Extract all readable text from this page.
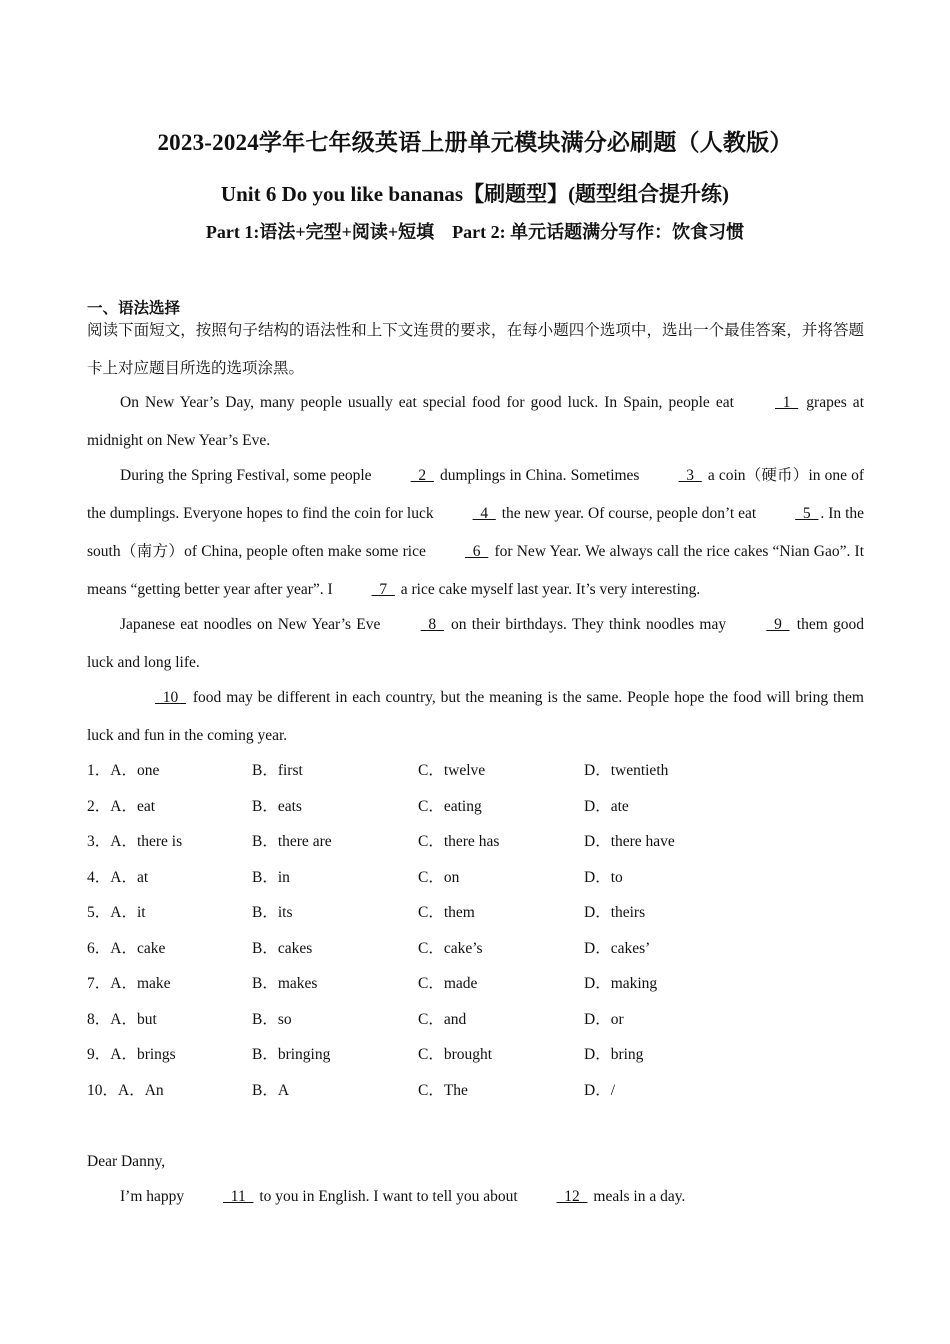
2023-2024学年七年级英语上册单元模块满分必刷题（人教版）
Unit 6 Do you like bananas【刷题型】(题型组合提升练)
Part 1:语法+完型+阅读+短填    Part 2: 单元话题满分写作：饮食习惯
一、语法选择

阅读下面短文，按照句子结构的语法性和上下文连贯的要求，在每小题四个选项中，选出一个最佳答案，并将答题卡上对应题目所选的选项涂黑。

On New Year’s Day, many people usually eat special food for good luck. In Spain, people eat   1   grapes at midnight on New Year’s Eve.

During the Spring Festival, some people   2   dumplings in China. Sometimes   3   a coin（硬币）in one of the dumplings. Everyone hopes to find the coin for luck   4   the new year. Of course, people don’t eat   5  . In the south（南方）of China, people often make some rice   6   for New Year. We always call the rice cakes “Nian Gao”. It means “getting better year after year”. I   7   a rice cake myself last year. It’s very interesting.

Japanese eat noodles on New Year’s Eve   8   on their birthdays. They think noodles may   9   them good luck and long life.

10   food may be different in each country, but the meaning is the same. People hope the food will bring them luck and fun in the coming year.

1．A．one	B．first	C．twelve	D．twentieth
2．A．eat	B．eats	C．eating	D．ate
3．A．there is	B．there are	C．there has	D．there have
4．A．at	B．in	C．on	D．to
5．A．it	B．its	C．them	D．theirs
6．A．cake	B．cakes	C．cake’s	D．cakes’
7．A．make	B．makes	C．made	D．making
8．A．but	B．so	C．and	D．or
9．A．brings	B．bringing	C．brought	D．bring
10．A．An	B．A	C．The	D．/
Dear Danny,

I’m happy   11   to you in English. I want to tell you about   12   meals in a day.
